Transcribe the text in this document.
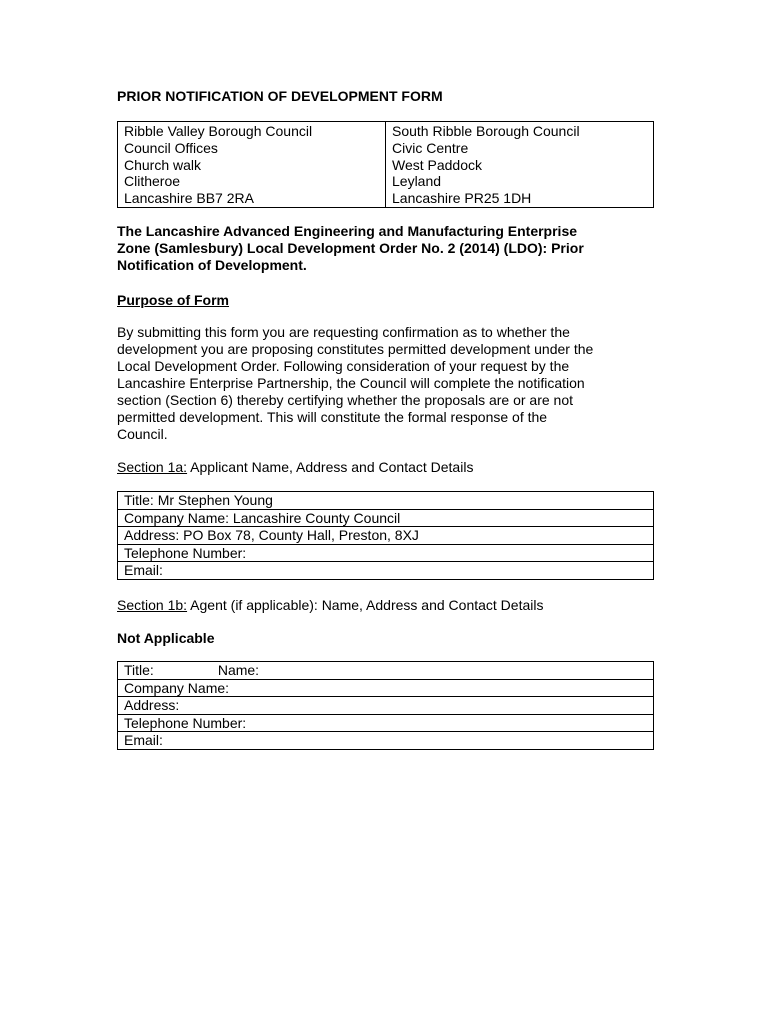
PRIOR NOTIFICATION OF DEVELOPMENT FORM
Ribble Valley Borough Council
Council Offices
Church walk
Clitheroe
Lancashire BB7 2RA

South Ribble Borough Council
Civic Centre
West Paddock
Leyland
Lancashire PR25 1DH
The Lancashire Advanced Engineering and Manufacturing Enterprise
Zone (Samlesbury) Local Development Order No. 2 (2014) (LDO): Prior
Notification of Development.
Purpose of Form
By submitting this form you are requesting confirmation as to whether the
development you are proposing constitutes permitted development under the
Local Development Order. Following consideration of your request by the
Lancashire Enterprise Partnership, the Council will complete the notification
section (Section 6) thereby certifying whether the proposals are or are not
permitted development. This will constitute the formal response of the
Council.
Section 1a: Applicant Name, Address and Contact Details
Title: Mr Stephen Young
Company Name: Lancashire County Council
Address: PO Box 78, County Hall, Preston, 8XJ
Telephone Number:
Email:
Section 1b: Agent (if applicable): Name, Address and Contact Details
Not Applicable
Title:	Name:
Company Name:
Address:
Telephone Number:
Email:
